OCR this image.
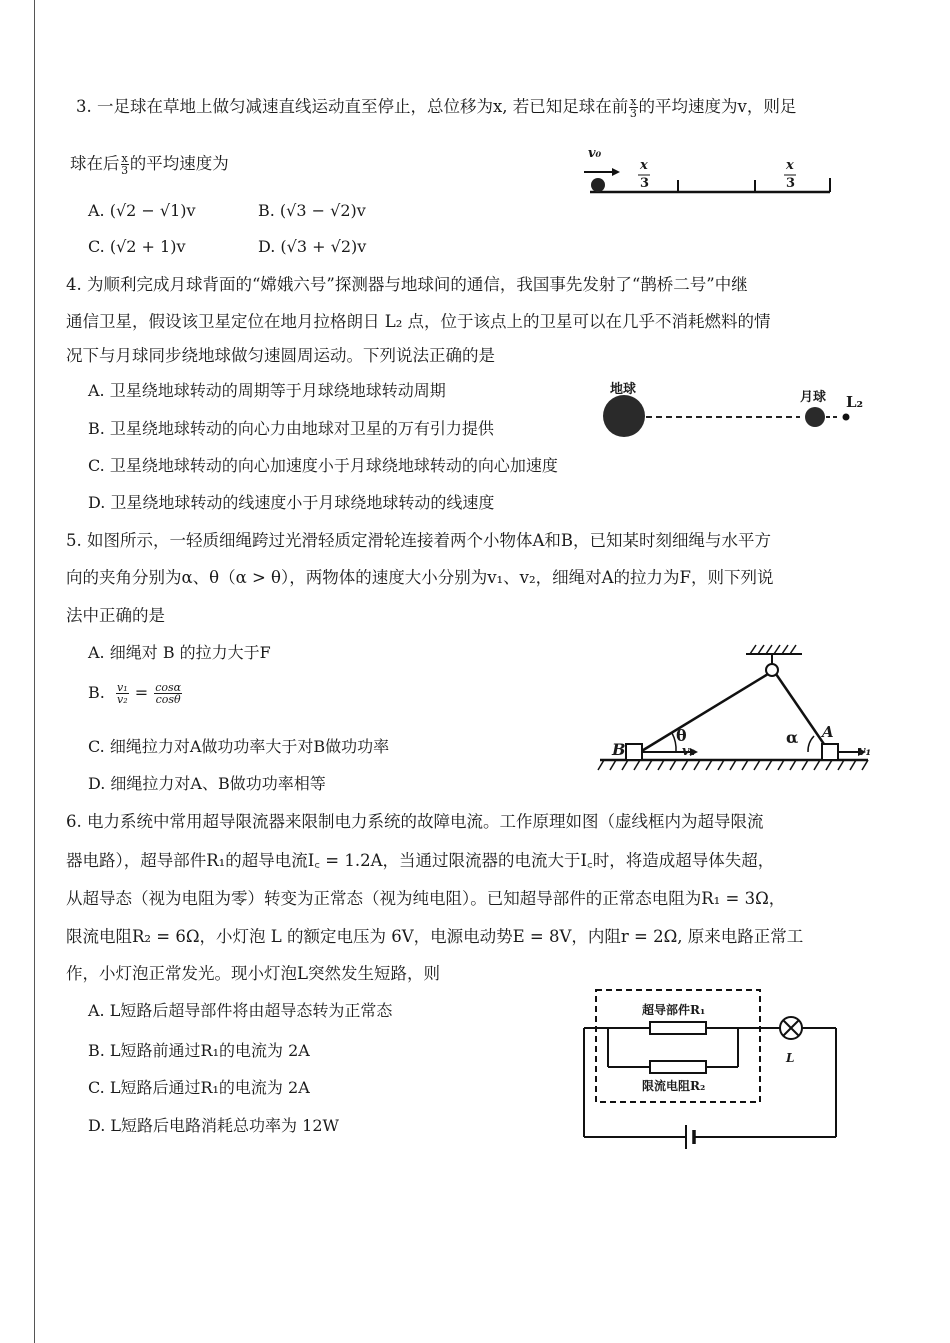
3. 一足球在草地上做匀减速直线运动直至停止，总位移为x, 若已知足球在前 $\frac{x}{3}$ 的平均速度为v，则足
球在后 $\frac{x}{3}$ 的平均速度为
v₀
x
3
x
3
A. (√2 − √1)v	B. (√3 − √2)v
C. (√2 + 1)v	D. (√3 + √2)v
4. 为顺利完成月球背面的“嫦娥六号”探测器与地球间的通信，我国事先发射了“鹊桥二号”中继
通信卫星，假设该卫星定位在地月拉格朗日 L₂ 点，位于该点上的卫星可以在几乎不消耗燃料的情
况下与月球同步绕地球做匀速圆周运动。下列说法正确的是
A. 卫星绕地球转动的周期等于月球绕地球转动周期
B. 卫星绕地球转动的向心力由地球对卫星的万有引力提供
C. 卫星绕地球转动的向心加速度小于月球绕地球转动的向心加速度
D. 卫星绕地球转动的线速度小于月球绕地球转动的线速度
地球
月球 L₂
5. 如图所示，一轻质细绳跨过光滑轻质定滑轮连接着两个小物体A和B，已知某时刻细绳与水平方
向的夹角分别为α、θ（α > θ），两物体的速度大小分别为v₁、v₂，细绳对A的拉力为F，则下列说
法中正确的是
A. 细绳对 B 的拉力大于F
B. $\frac{\text{v₁}}{\text{v₂}} = \frac{\cos\alpha}{\cos\theta}$
C. 细绳拉力对A做功功率大于对B做功功率
D. 细绳拉力对A、B做功功率相等
B
A
θ	α
v₂	v₁
6. 电力系统中常用超导限流器来限制电力系统的故障电流。工作原理如图（虚线框内为超导限流
器电路），超导部件R₁的超导电流I꜀ = 1.2A，当通过限流器的电流大于I꜀时，将造成超导体失超，
从超导态（视为电阻为零）转变为正常态（视为纯电阻）。已知超导部件的正常态电阻为R₁ = 3Ω，
限流电阻R₂ = 6Ω，小灯泡 L 的额定电压为 6V，电源电动势E = 8V，内阻r = 2Ω, 原来电路正常工
作，小灯泡正常发光。现小灯泡L突然发生短路，则
A. L短路后超导部件将由超导态转为正常态
B. L短路前通过R₁的电流为 2A
C. L短路后通过R₁的电流为 2A
D. L短路后电路消耗总功率为 12W
超导部件R₁
限流电阻R₂
L
